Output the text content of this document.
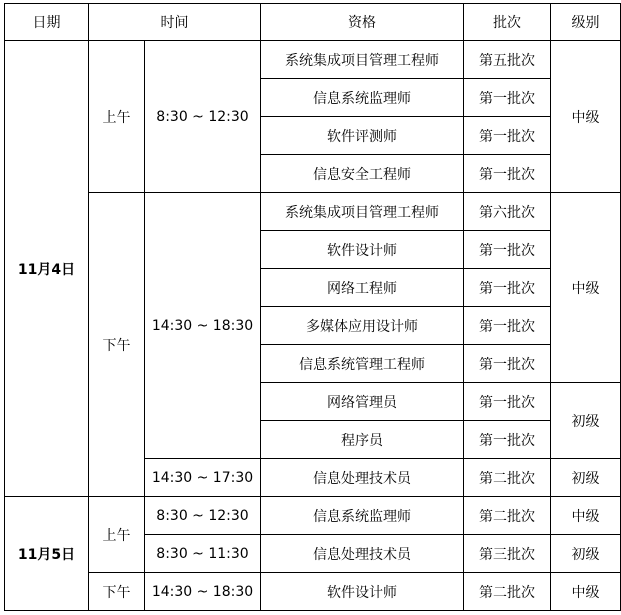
日期	时间		资格	批次	级别
11月4日	上午	8:30 ~ 12:30	系统集成项目管理工程师	第五批次	中级
			信息系统监理师	第一批次	
			软件评测师	第一批次	
			信息安全工程师	第一批次	
	下午	14:30 ~ 18:30	系统集成项目管理工程师	第六批次	中级
			软件设计师	第一批次	
			网络工程师	第一批次	
			多媒体应用设计师	第一批次	
			信息系统管理工程师	第一批次	
			网络管理员	第一批次	初级
			程序员	第一批次	
		14:30 ~ 17:30	信息处理技术员	第二批次	初级
11月5日	上午	8:30 ~ 12:30	信息系统监理师	第二批次	中级
		8:30 ~ 11:30	信息处理技术员	第三批次	初级
	下午	14:30 ~ 18:30	软件设计师	第二批次	中级
